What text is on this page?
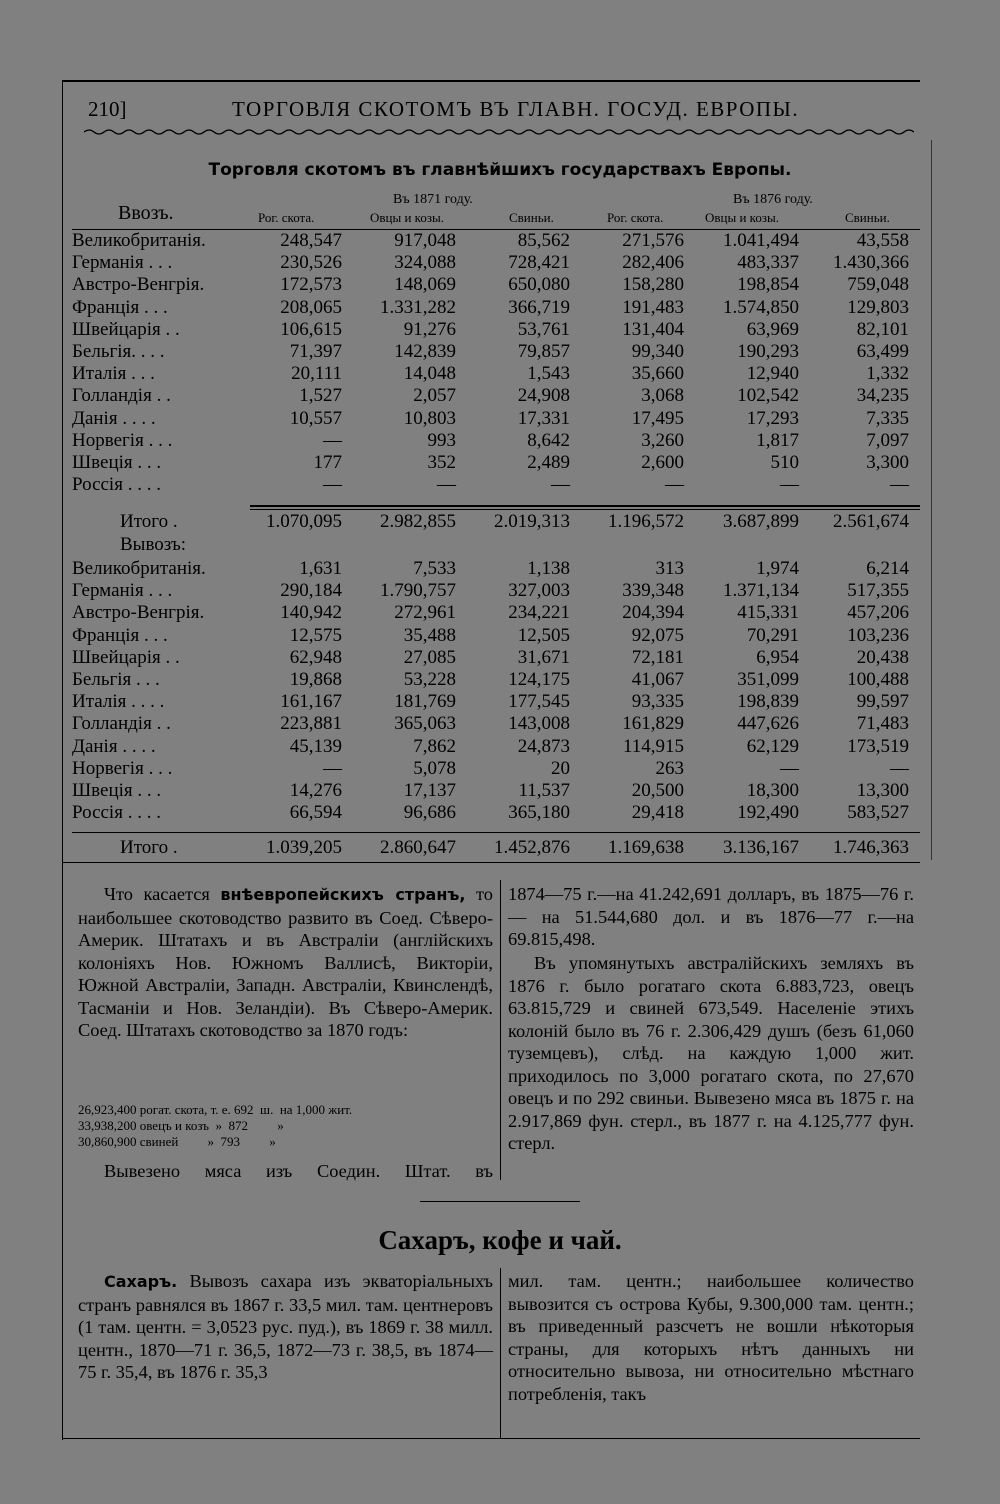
210]	ТОРГОВЛЯ СКОТОМЪ ВЪ ГЛАВН. ГОСУД. ЕВРОПЫ.
Торговля скотомъ въ главнѣйшихъ государствахъ Европы.
Ввозъ.
Въ 1871 году.	Въ 1876 году.
Рог. скота.	Овцы и козы.	Свиньи.	Рог. скота.	Овцы и козы.	Свиньи.
Великобританія.	248,547	917,048	85,562	271,576	1.041,494	43,558
Германія . . .	230,526	324,088	728,421	282,406	483,337	1.430,366
Австро-Венгрія.	172,573	148,069	650,080	158,280	198,854	759,048
Франція . . .	208,065	1.331,282	366,719	191,483	1.574,850	129,803
Швейцарія . .	106,615	91,276	53,761	131,404	63,969	82,101
Бельгія. . . .	71,397	142,839	79,857	99,340	190,293	63,499
Италія . . .	20,111	14,048	1,543	35,660	12,940	1,332
Голландія . .	1,527	2,057	24,908	3,068	102,542	34,235
Данія . . . .	10,557	10,803	17,331	17,495	17,293	7,335
Норвегія . . .	—	993	8,642	3,260	1,817	7,097
Швеція . . .	177	352	2,489	2,600	510	3,300
Россія . . . .	—	—	—	—	—	—
Итого .	1.070,095	2.982,855	2.019,313	1.196,572	3.687,899	2.561,674
Вывозъ:
Великобританія.	1,631	7,533	1,138	313	1,974	6,214
Германія . . .	290,184	1.790,757	327,003	339,348	1.371,134	517,355
Австро-Венгрія.	140,942	272,961	234,221	204,394	415,331	457,206
Франція . . .	12,575	35,488	12,505	92,075	70,291	103,236
Швейцарія . .	62,948	27,085	31,671	72,181	6,954	20,438
Бельгія . . .	19,868	53,228	124,175	41,067	351,099	100,488
Италія . . . .	161,167	181,769	177,545	93,335	198,839	99,597
Голландія . .	223,881	365,063	143,008	161,829	447,626	71,483
Данія . . . .	45,139	7,862	24,873	114,915	62,129	173,519
Норвегія . . .	—	5,078	20	263	—	—
Швеція . . .	14,276	17,137	11,537	20,500	18,300	13,300
Россія . . . .	66,594	96,686	365,180	29,418	192,490	583,527
Итого .	1.039,205	2.860,647	1.452,876	1.169,638	3.136,167	1.746,363
Что касается внѣевропейскихъ странъ, то наибольшее скотоводство развито въ Соед. Сѣверо-Америк. Штатахъ и въ Австраліи (англійскихъ колоніяхъ Нов. Южномъ Валлисѣ, Викторіи, Южной Австраліи, Западн. Австраліи, Квинслендѣ, Тасманіи и Нов. Зеландіи). Въ Сѣверо-Америк. Соед. Штатахъ скотоводство за 1870 годъ:
26,923,400 рогат. скота, т. е. 692  ш.  на 1,000 жит.
33,938,200 овецъ и козъ  »  872         »
30,860,900 свиней         »  793         »
Вывезено мяса изъ Соедин. Штат. въ
1874—75 г.—на 41.242,691 долларъ, въ 1875—76 г. — на 51.544,680 дол. и въ 1876—77 г.—на 69.815,498.
Въ упомянутыхъ австралійскихъ земляхъ въ 1876 г. было рогатаго скота 6.883,723, овецъ 63.815,729 и свиней 673,549. Населеніе этихъ колоній было въ 76 г. 2.306,429 душъ (безъ 61,060 туземцевъ), слѣд. на каждую 1,000 жит. приходилось по 3,000 рогатаго скота, по 27,670 овецъ и по 292 свиньи. Вывезено мяса въ 1875 г. на 2.917,869 фун. стерл., въ 1877 г. на 4.125,777 фун. стерл.
Сахаръ, кофе и чай.
Сахаръ. Вывозъ сахара изъ экваторіальныхъ странъ равнялся въ 1867 г. 33,5 мил. там. центнеровъ (1 там. центн. = 3,0523 рус. пуд.), въ 1869 г. 38 милл. центн., 1870—71 г. 36,5, 1872—73 г. 38,5, въ 1874—75 г. 35,4, въ 1876 г. 35,3
мил. там. центн.; наибольшее количество вывозится съ острова Кубы, 9.300,000 там. центн.; въ приведенный разсчетъ не вошли нѣкоторыя страны, для которыхъ нѣтъ данныхъ ни относительно вывоза, ни относительно мѣстнаго потребленія, такъ
